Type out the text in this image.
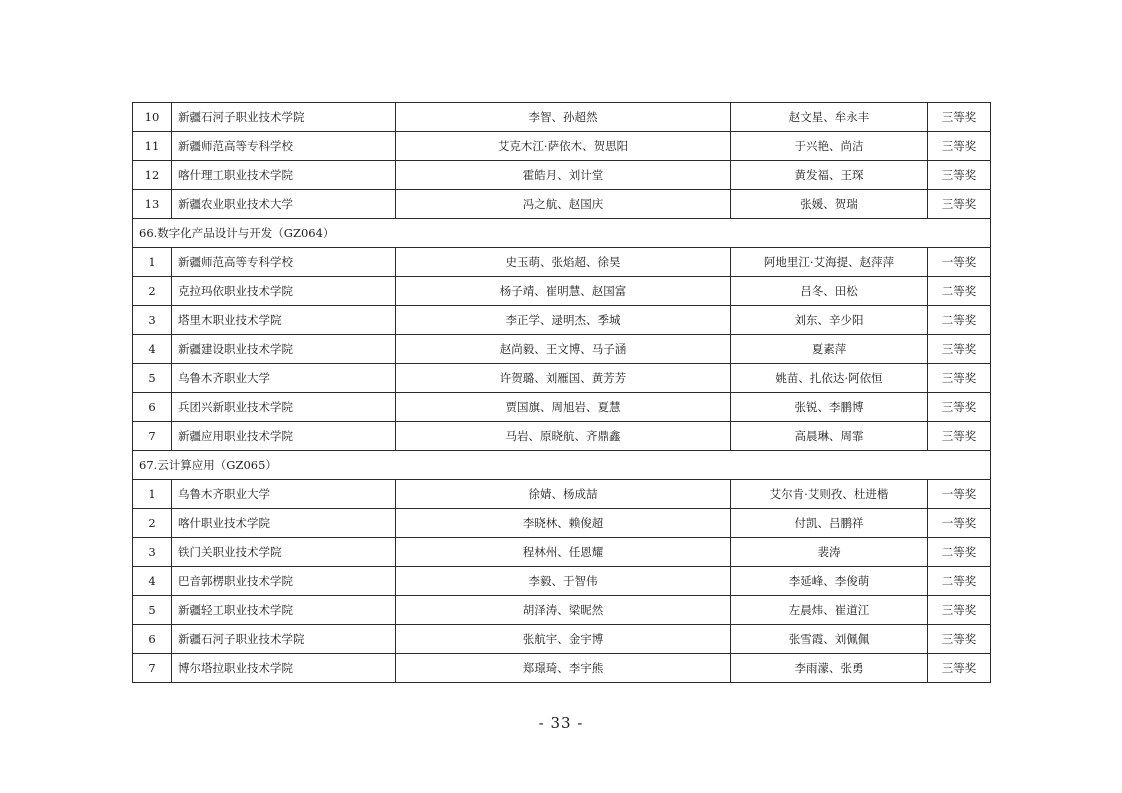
10	新疆石河子职业技术学院	李智、孙超然	赵文星、牟永丰	三等奖
11	新疆师范高等专科学校	艾克木江·萨依木、贺思阳	于兴艳、尚洁	三等奖
12	喀什理工职业技术学院	霍皓月、刘计堂	黄发福、王琛	三等奖
13	新疆农业职业技术大学	冯之航、赵国庆	张媛、贺瑞	三等奖
66.数字化产品设计与开发（GZ064）				
1	新疆师范高等专科学校	史玉萌、张焰超、徐昊	阿地里江·艾海提、赵萍萍	一等奖
2	克拉玛依职业技术学院	杨子靖、崔明慧、赵国富	吕冬、田松	二等奖
3	塔里木职业技术学院	李正学、逯明杰、季城	刘东、辛少阳	二等奖
4	新疆建设职业技术学院	赵尚毅、王文博、马子涵	夏素萍	三等奖
5	乌鲁木齐职业大学	许贺璐、刘雁国、黄芳芳	姚苗、扎依达·阿依恒	三等奖
6	兵团兴新职业技术学院	贾国旗、周旭岩、夏慧	张锐、李鹏博	三等奖
7	新疆应用职业技术学院	马岩、原晓航、齐鼎鑫	高晨琳、周霏	三等奖
67.云计算应用（GZ065）				
1	乌鲁木齐职业大学	徐婧、杨成喆	艾尔肯·艾则孜、杜进楷	一等奖
2	喀什职业技术学院	李晓林、赖俊超	付凯、吕鹏祥	一等奖
3	铁门关职业技术学院	程林州、任恩耀	裴涛	二等奖
4	巴音郭楞职业技术学院	李毅、于智伟	李延峰、李俊萌	二等奖
5	新疆轻工职业技术学院	胡泽涛、梁昵然	左晨炜、崔道江	三等奖
6	新疆石河子职业技术学院	张航宇、金宇博	张雪霞、刘佩佩	三等奖
7	博尔塔拉职业技术学院	郑璟琦、李宇熊	李雨濛、张勇	三等奖
- 33 -
